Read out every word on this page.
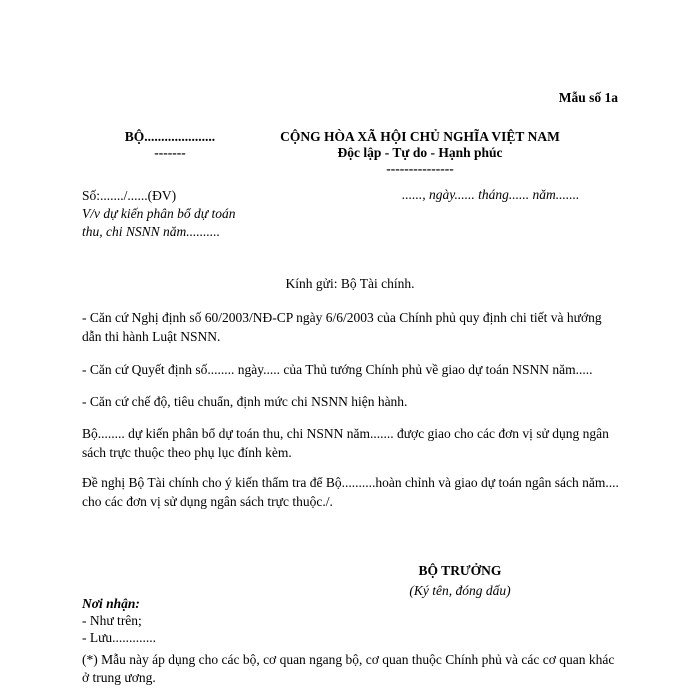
Mẫu số 1a
BỘ.....................
-------
CỘNG HÒA XÃ HỘI CHỦ NGHĨA VIỆT NAM
Độc lập - Tự do - Hạnh phúc
---------------
Số:......./......(ĐV)
V/v dự kiến phân bổ dự toán
thu, chi NSNN năm..........
......, ngày...... tháng...... năm.......
Kính gửi: Bộ Tài chính.
- Căn cứ Nghị định số 60/2003/NĐ-CP ngày 6/6/2003 của Chính phủ quy định chi tiết và hướng dẫn thi hành Luật NSNN.
- Căn cứ Quyết định số........ ngày..... của Thủ tướng Chính phủ về giao dự toán NSNN năm.....
- Căn cứ chế độ, tiêu chuẩn, định mức chi NSNN hiện hành.
Bộ........ dự kiến phân bổ dự toán thu, chi NSNN năm....... được giao cho các đơn vị sử dụng ngân sách trực thuộc theo phụ lục đính kèm.
Đề nghị Bộ Tài chính cho ý kiến thẩm tra để Bộ..........hoàn chỉnh và giao dự toán ngân sách năm.... cho các đơn vị sử dụng ngân sách trực thuộc./.
BỘ TRƯỞNG
(Ký tên, đóng dấu)
Nơi nhận:
- Như trên;
- Lưu.............
(*) Mẫu này áp dụng cho các bộ, cơ quan ngang bộ, cơ quan thuộc Chính phủ và các cơ quan khác ở trung ương.
